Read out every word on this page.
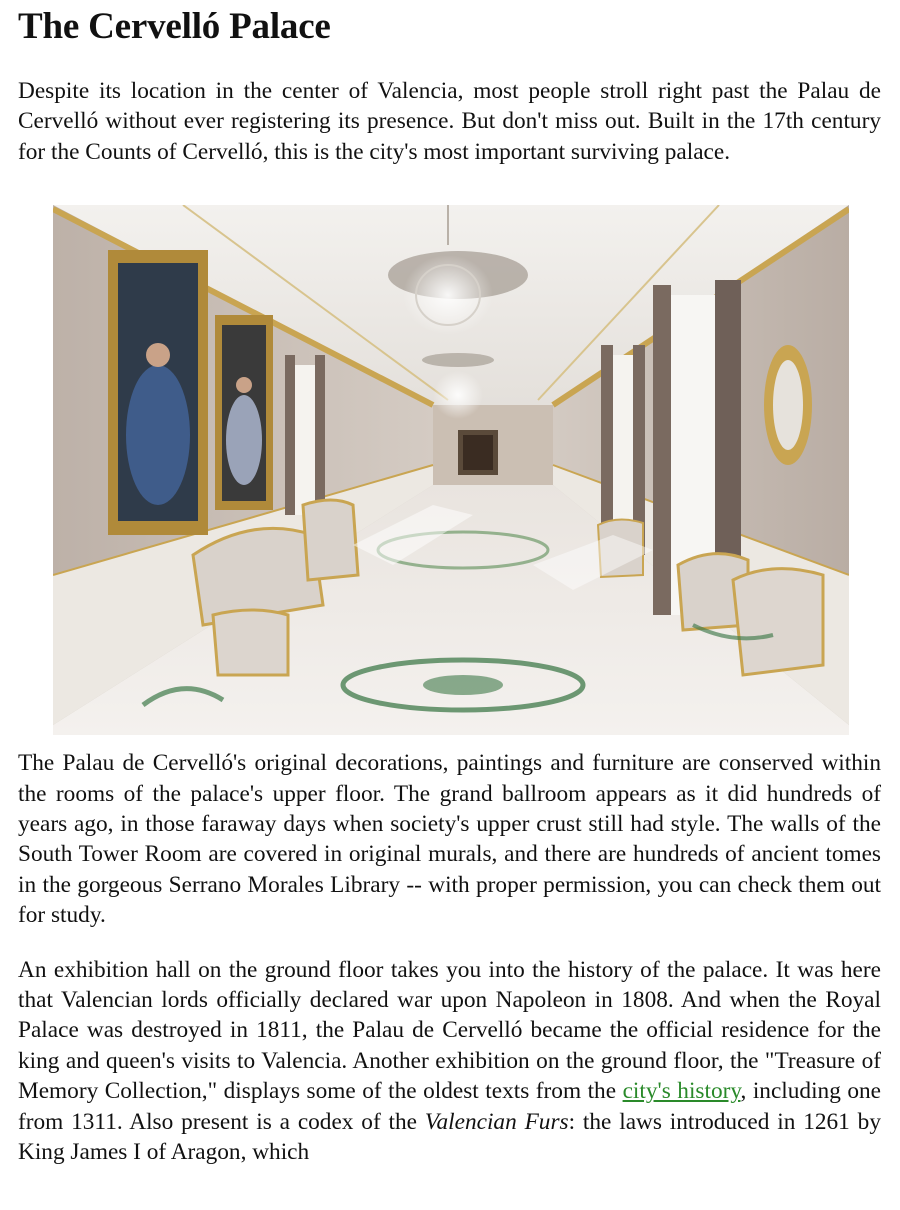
The Cervelló Palace

Despite its location in the center of Valencia, most people stroll right past the Palau de Cervelló without ever registering its presence. But don't miss out. Built in the 17th century for the Counts of Cervelló, this is the city's most important surviving palace.

The Palau de Cervelló's original decorations, paintings and furniture are conserved within the rooms of the palace's upper floor. The grand ballroom appears as it did hundreds of years ago, in those faraway days when society's upper crust still had style. The walls of the South Tower Room are covered in original murals, and there are hundreds of ancient tomes in the gorgeous Serrano Morales Library -- with proper permission, you can check them out for study.

An exhibition hall on the ground floor takes you into the history of the palace. It was here that Valencian lords officially declared war upon Napoleon in 1808. And when the Royal Palace was destroyed in 1811, the Palau de Cervelló became the official residence for the king and queen's visits to Valencia. Another exhibition on the ground floor, the "Treasure of Memory Collection," displays some of the oldest texts from the city's history, including one from 1311. Also present is a codex of the Valencian Furs: the laws introduced in 1261 by King James I of Aragon, which
